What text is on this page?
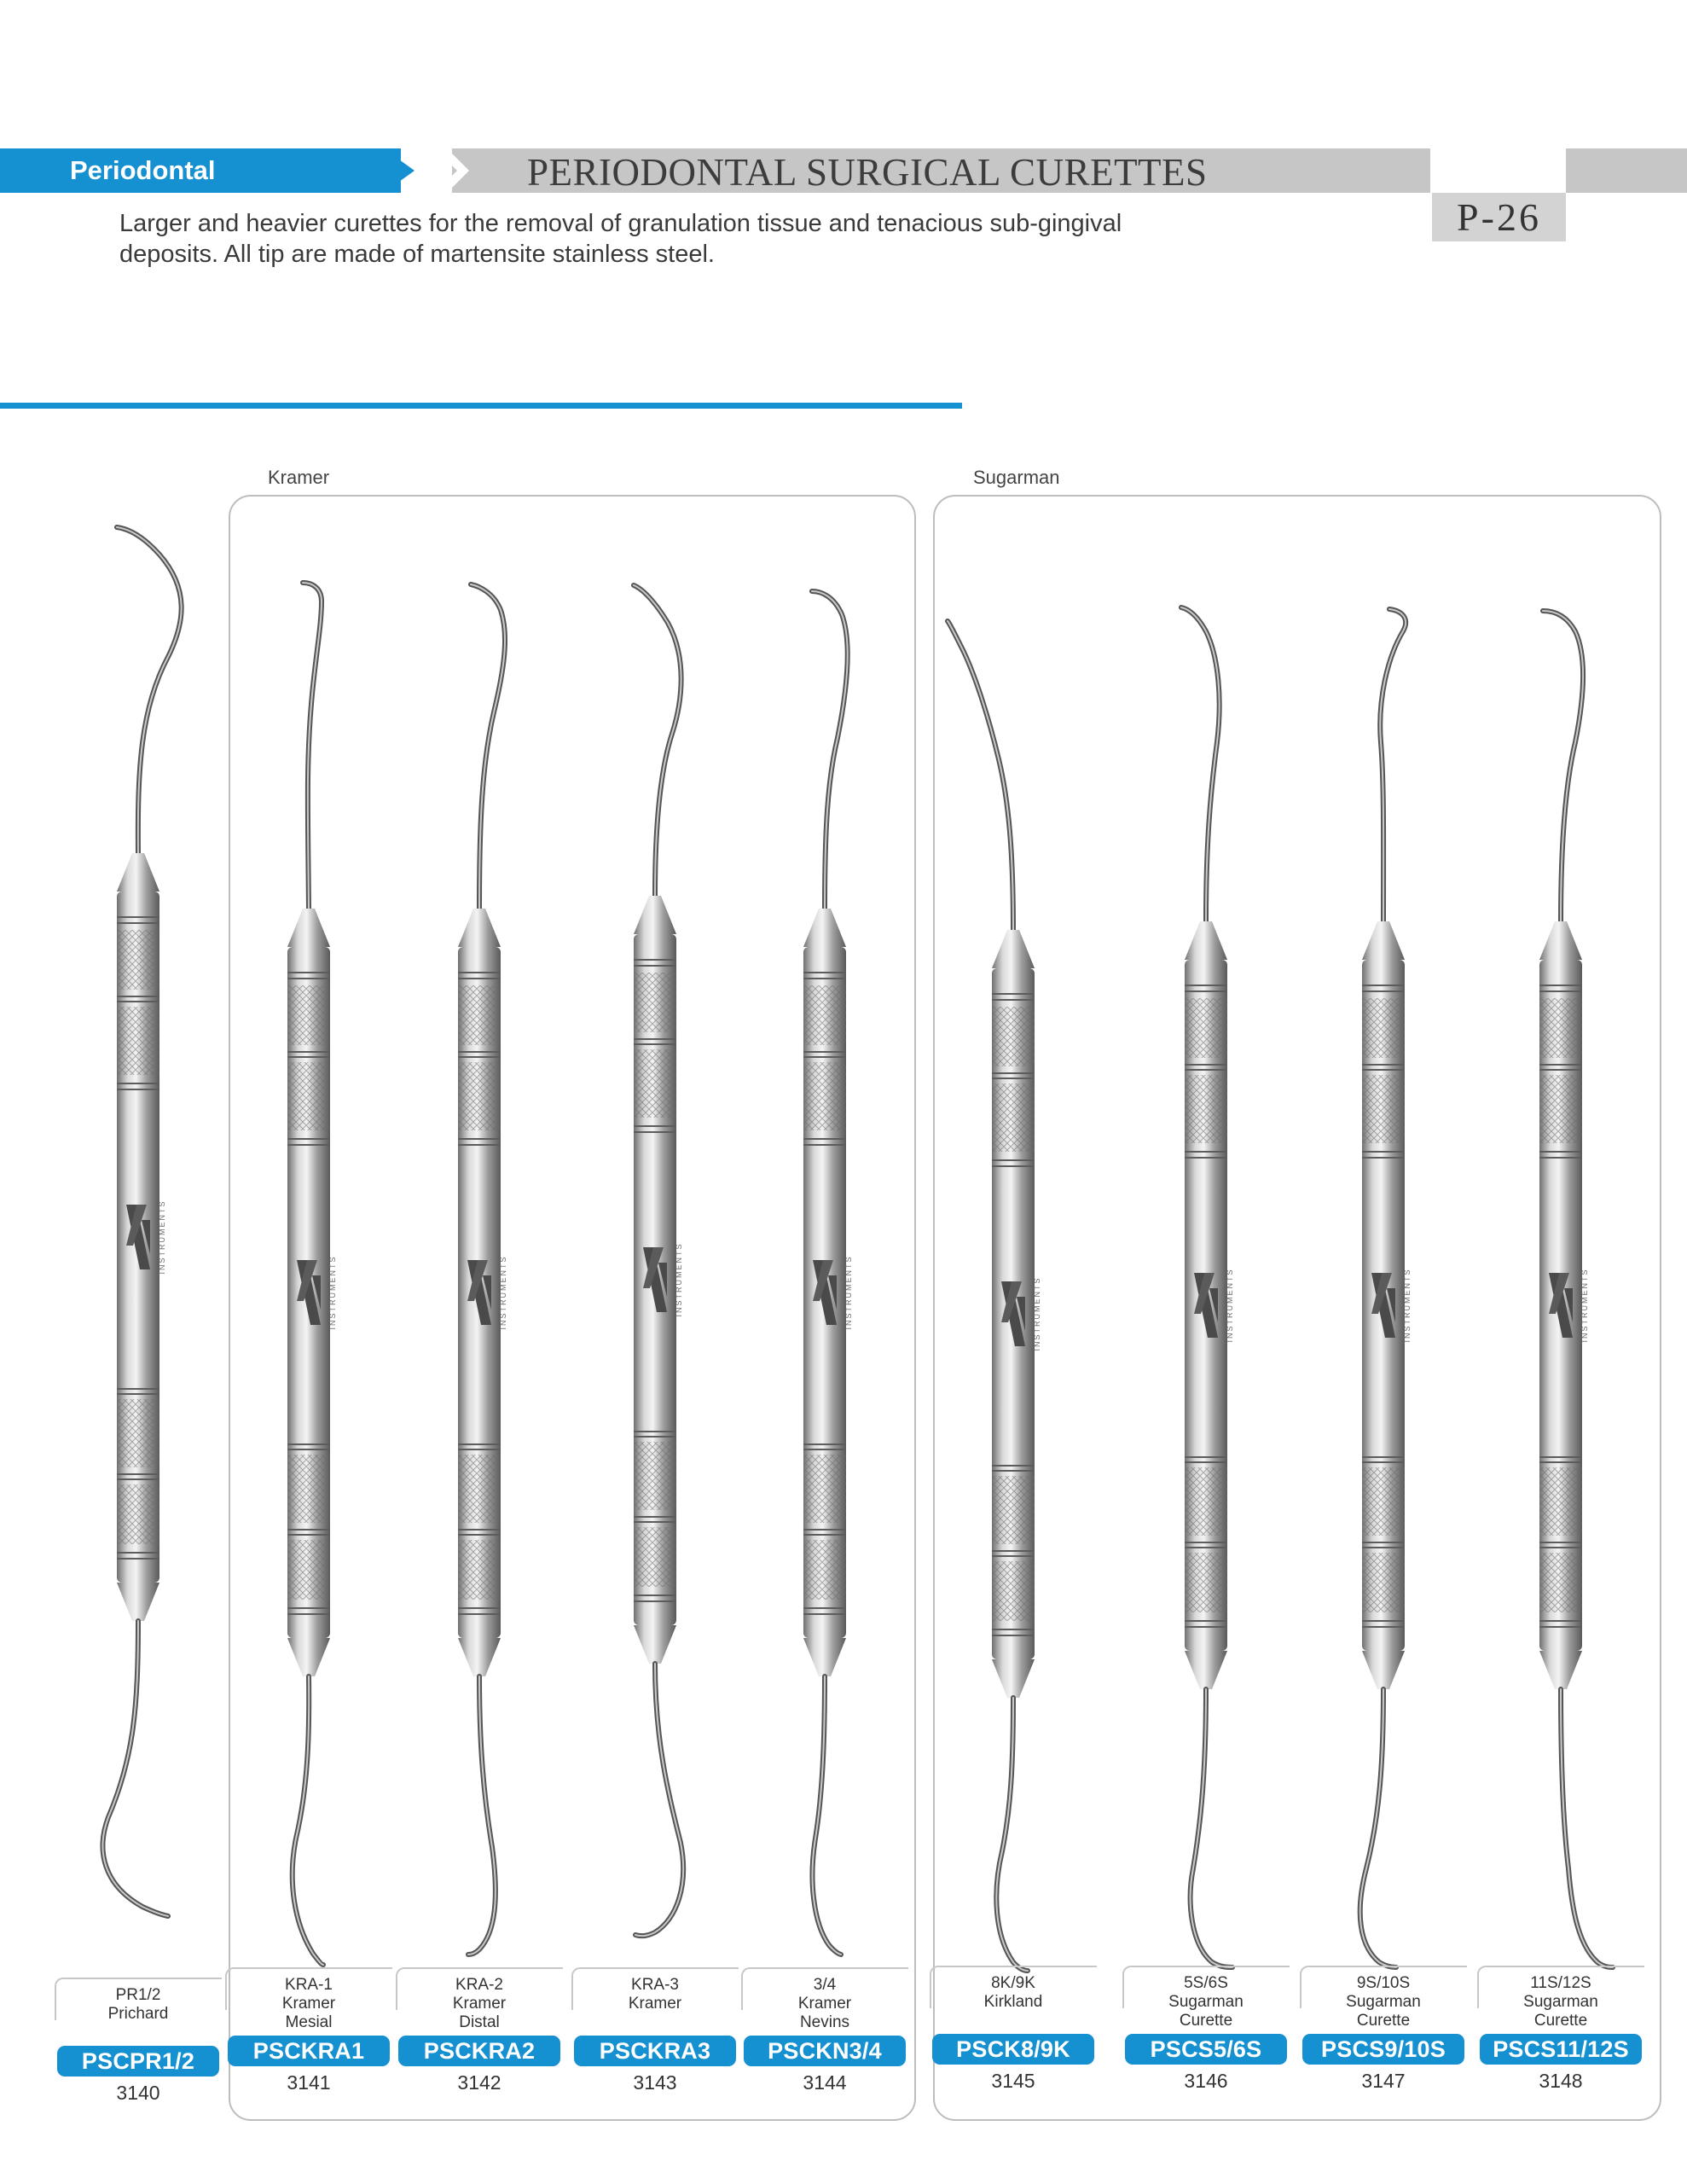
Periodontal	PERIODONTAL SURGICAL CURETTES
P-26
Larger and heavier curettes for the removal of granulation tissue and tenacious sub-gingival deposits. All tip are made of martensite stainless steel.
Kramer	Sugarman
INSTRUMENTS
INSTRUMENTS	INSTRUMENTS	INSTRUMENTS	INSTRUMENTS	INSTRUMENTS	INSTRUMENTS	INSTRUMENTS	INSTRUMENTS
PR1/2
Prichard
PSCPR1/2
3140
KRA-1
Kramer
Mesial
PSCKRA1
3141
KRA-2
Kramer
Distal
PSCKRA2
3142
KRA-3
Kramer
PSCKRA3
3143
3/4
Kramer
Nevins
PSCKN3/4
3144
8K/9K
Kirkland
PSCK8/9K
3145
5S/6S
Sugarman
Curette
PSCS5/6S
3146
9S/10S
Sugarman
Curette
PSCS9/10S
3147
11S/12S
Sugarman
Curette
PSCS11/12S
3148
